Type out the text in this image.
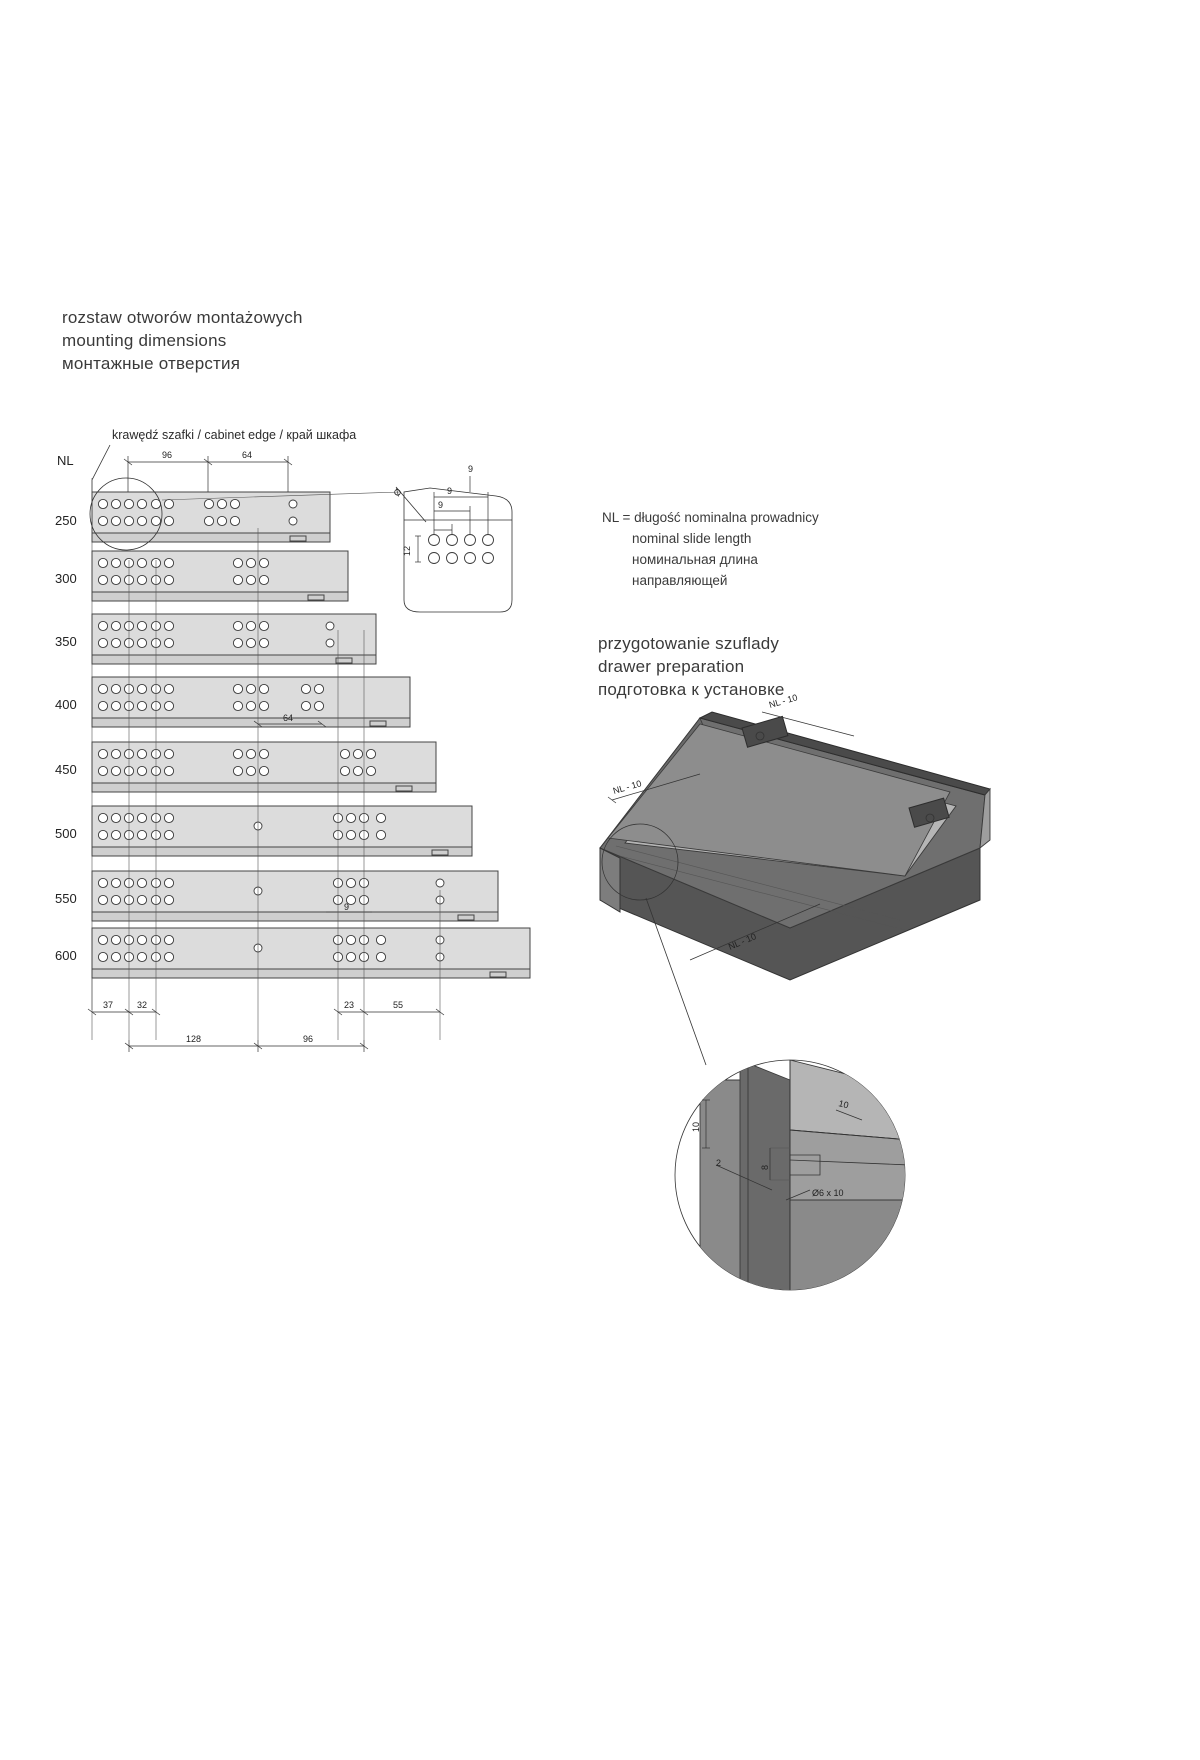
rozstaw otworów montażowych
mounting dimensions
монтажные отверстия
przygotowanie szuflady
drawer preparation
подготовка к установке
NL = długość nominalna prowadnicy
nominal slide length
номинальная длина
направляющей
krawędź szafki / cabinet edge / край шкафа
NL
250
96	64
300
350
400
64
450
500
550
9
600
37	32	23	55
128	96
9
9
9
12
Ø
NL - 10
NL - 10
NL - 10
10
2	8
Ø6 x 10
10
